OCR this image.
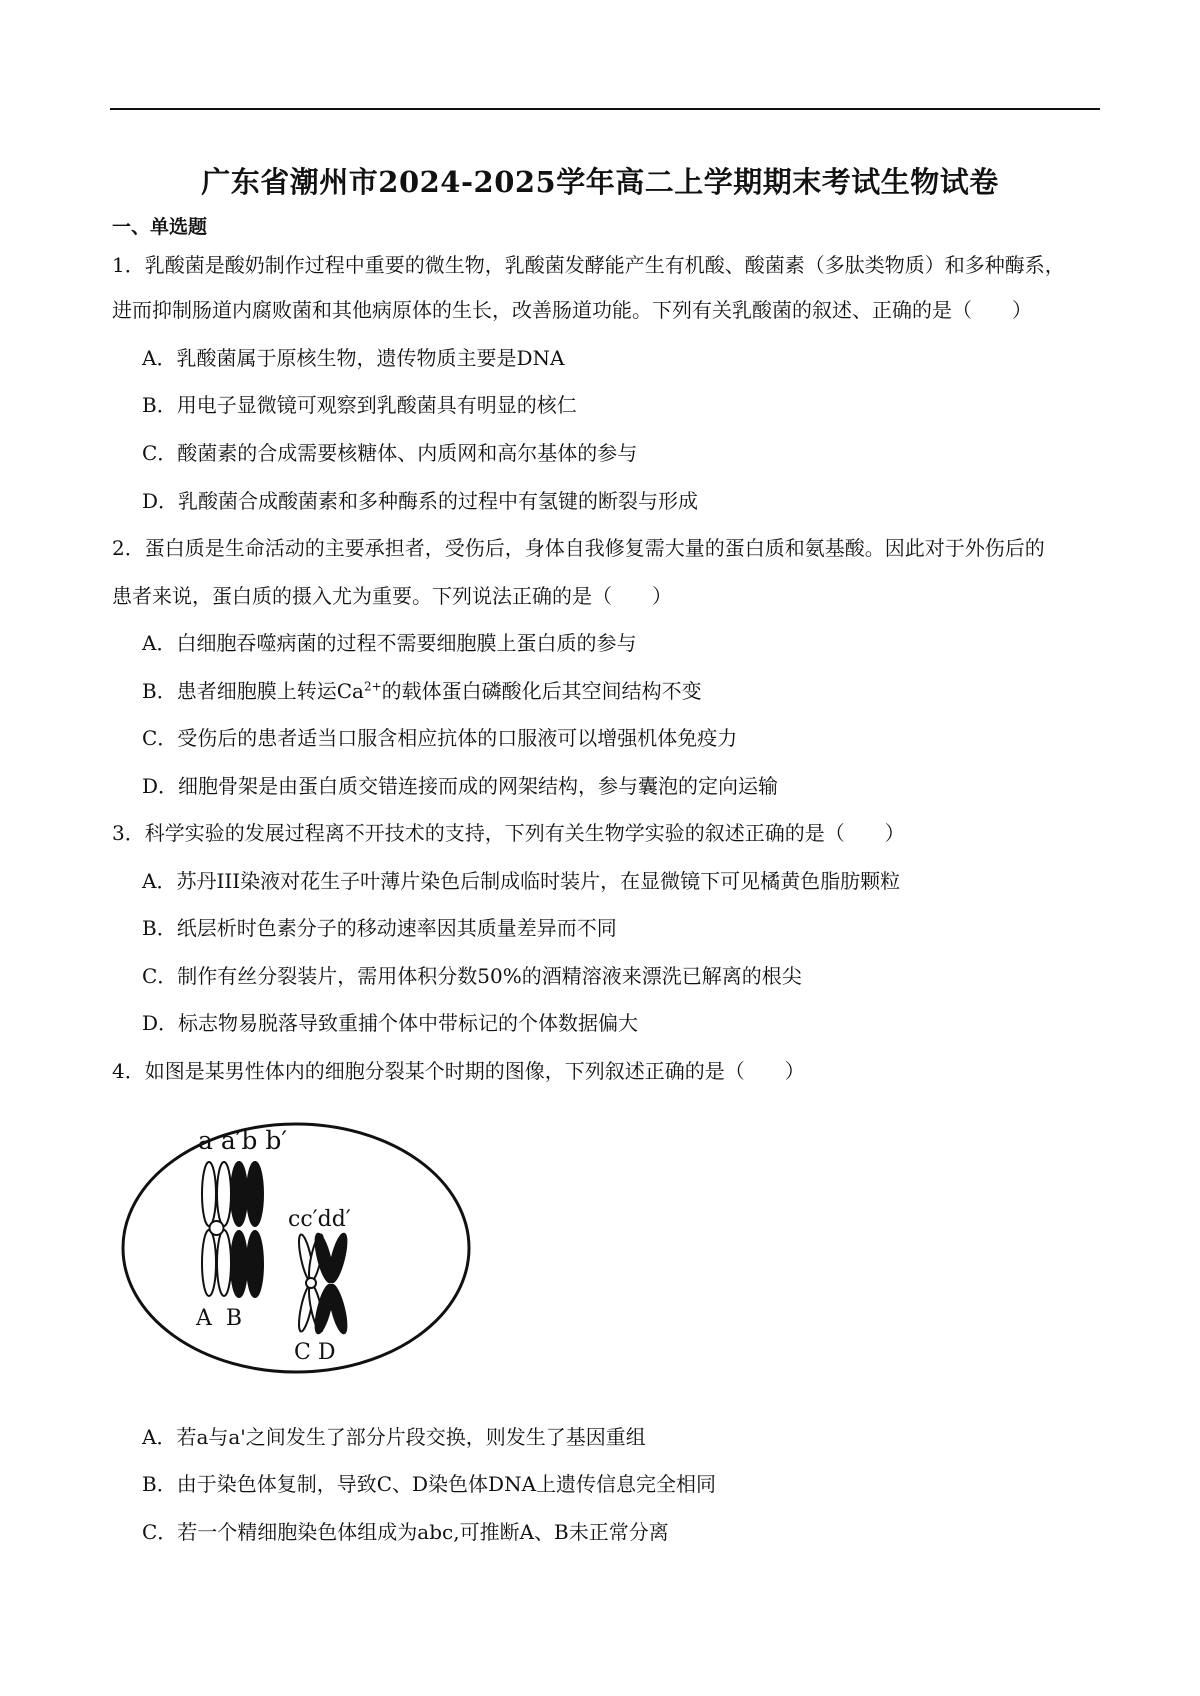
广东省潮州市2024-2025学年高二上学期期末考试生物试卷
一、单选题
1．乳酸菌是酸奶制作过程中重要的微生物，乳酸菌发酵能产生有机酸、酸菌素（多肽类物质）和多种酶系，
进而抑制肠道内腐败菌和其他病原体的生长，改善肠道功能。下列有关乳酸菌的叙述、正确的是（　　）
A．乳酸菌属于原核生物，遗传物质主要是DNA
B．用电子显微镜可观察到乳酸菌具有明显的核仁
C．酸菌素的合成需要核糖体、内质网和高尔基体的参与
D．乳酸菌合成酸菌素和多种酶系的过程中有氢键的断裂与形成
2．蛋白质是生命活动的主要承担者，受伤后，身体自我修复需大量的蛋白质和氨基酸。因此对于外伤后的
患者来说，蛋白质的摄入尤为重要。下列说法正确的是（　　）
A．白细胞吞噬病菌的过程不需要细胞膜上蛋白质的参与
B．患者细胞膜上转运$Ca^{2+}$的载体蛋白磷酸化后其空间结构不变
C．受伤后的患者适当口服含相应抗体的口服液可以增强机体免疫力
D．细胞骨架是由蛋白质交错连接而成的网架结构，参与囊泡的定向运输
3．科学实验的发展过程离不开技术的支持，下列有关生物学实验的叙述正确的是（　　）
A．苏丹III染液对花生子叶薄片染色后制成临时装片，在显微镜下可见橘黄色脂肪颗粒
B．纸层析时色素分子的移动速率因其质量差异而不同
C．制作有丝分裂装片，需用体积分数50%的酒精溶液来漂洗已解离的根尖
D．标志物易脱落导致重捕个体中带标记的个体数据偏大
4．如图是某男性体内的细胞分裂某个时期的图像，下列叙述正确的是（　　）
a a′b b′
cc′dd′
A  B
C D
A．若a与a'之间发生了部分片段交换，则发生了基因重组
B．由于染色体复制，导致C、D染色体DNA上遗传信息完全相同
C．若一个精细胞染色体组成为abc,可推断A、B未正常分离
